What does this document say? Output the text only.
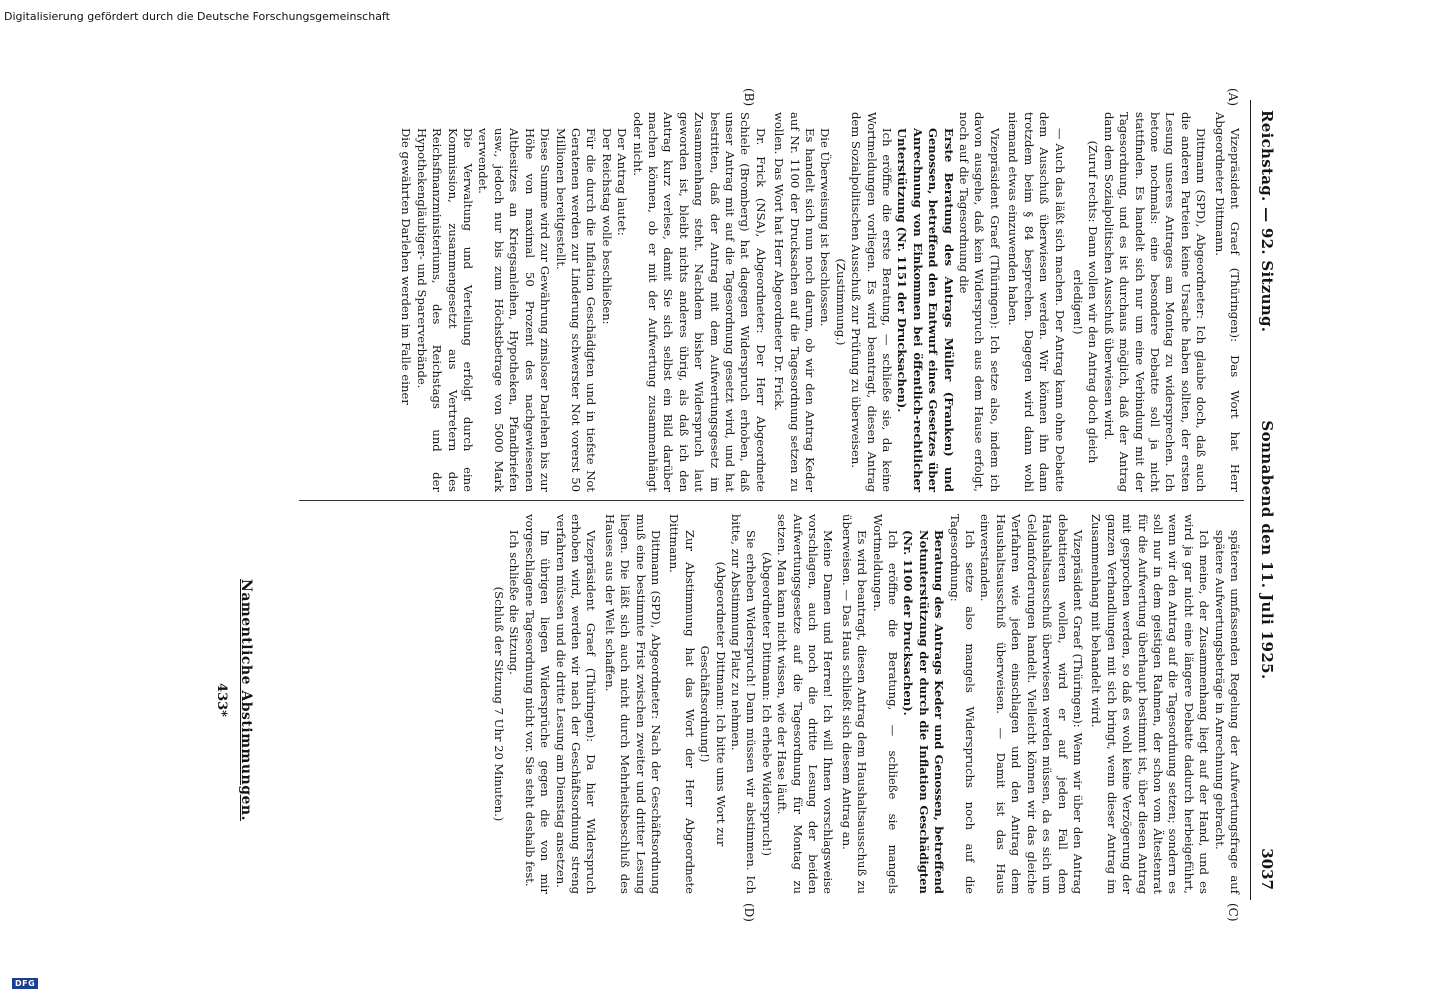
Reichstag. — 92. Sitzung.
Sonnabend den 11. Juli 1925.
3037
(A)
(B)
(C)
(D)

Vizepräsident Graef (Thüringen): Das Wort hat Herr Abgeordneter Dittmann.

Dittmann (SPD), Abgeordneter: Ich glaube doch, daß auch die anderen Parteien keine Ursache haben sollten, der ersten Lesung unseres Antrages am Montag zu widersprechen. Ich betone nochmals: eine besondere Debatte soll ja nicht stattfinden. Es handelt sich nur um eine Verbindung mit der Tagesordnung, und es ist durchaus möglich, daß der Antrag dann dem Sozialpolitischen Ausschuß überwiesen wird.

(Zuruf rechts: Dann wollen wir den Antrag doch gleich erledigen!)

— Auch das läßt sich machen. Der Antrag kann ohne Debatte dem Ausschuß überwiesen werden. Wir können ihn dann trotzdem beim § 84 besprechen. Dagegen wird dann wohl niemand etwas einzuwenden haben.

Vizepräsident Graef (Thüringen): Ich setze also, indem ich davon ausgehe, daß kein Widerspruch aus dem Hause erfolgt, noch auf die Tagesordnung die

Erste Beratung des Antrags Müller (Franken) und Genossen, betreffend den Entwurf eines Gesetzes über Anrechnung von Einkommen bei öffentlich-rechtlicher Unterstützung (Nr. 1151 der Drucksachen).

Ich eröffne die erste Beratung, — schließe sie, da keine Wortmeldungen vorliegen. Es wird beantragt, diesen Antrag dem Sozialpolitischen Ausschuß zur Prüfung zu überweisen.

(Zustimmung.)

Die Überweisung ist beschlossen.

Es handelt sich nun noch darum, ob wir den Antrag Keder auf Nr. 1100 der Drucksachen auf die Tagesordnung setzen zu wollen. Das Wort hat Herr Abgeordneter Dr. Frick.

Dr. Frick (NSA), Abgeordneter: Der Herr Abgeordnete Schiele (Bromberg) hat dagegen Widerspruch erhoben, daß unser Antrag mit auf die Tagesordnung gesetzt wird, und hat bestritten, daß der Antrag mit dem Aufwertungsgesetz im Zusammenhang steht. Nachdem bisher Widerspruch laut geworden ist, bleibt nichts anderes übrig, als daß ich den Antrag kurz verlese, damit Sie sich selbst ein Bild darüber machen können, ob er mit der Aufwertung zusammenhängt oder nicht.

Der Antrag lautet:

Der Reichstag wolle beschließen:

Für die durch die Inflation Geschädigten und in tiefste Not Geratenen werden zur Linderung schwerster Not vorerst 50 Millionen bereitgestellt.

Diese Summe wird zur Gewährung zinsloser Darlehen bis zur Höhe von maximal 50 Prozent des nachgewiesenen Altbesitzes an Kriegsanleihen, Hypotheken, Pfandbriefen usw., jedoch nur bis zum Höchstbetrage von 5000 Mark verwendet.

Die Verwaltung und Verteilung erfolgt durch eine Kommission, zusammengesetzt aus Vertretern des Reichsfinanzministeriums, des Reichstags und der Hypothekengläubiger- und Sparerverbände.

Die gewährten Darlehen werden im Falle einer

späteren umfassenden Regelung der Aufwertungsfrage auf spätere Aufwertungsbeträge in Anrechnung gebracht.

Ich meine, der Zusammenhang liegt auf der Hand, und es wird ja gar nicht eine längere Debatte dadurch herbeigeführt, wenn wir den Antrag auf die Tagesordnung setzen; sondern es soll nur in dem geistigen Rahmen, der schon vom Ältestenrat für die Aufwertung überhaupt bestimmt ist, über diesen Antrag mit gesprochen werden, so daß es wohl keine Verzögerung der ganzen Verhandlungen mit sich bringt, wenn dieser Antrag im Zusammenhang mit behandelt wird.

Vizepräsident Graef (Thüringen): Wenn wir über den Antrag debattieren wollen, wird er auf jeden Fall dem Haushaltsausschuß überwiesen werden müssen, da es sich um Geldanforderungen handelt. Vielleicht können wir das gleiche Verfahren wie jeden einschlagen und den Antrag dem Haushaltsausschuß überweisen. — Damit ist das Haus einverstanden.

Ich setze also mangels Widerspruchs noch auf die Tagesordnung:

Beratung des Antrags Keder und Genossen, betreffend Notunterstützung der durch die Inflation Geschädigten (Nr. 1100 der Drucksachen).

Ich eröffne die Beratung, — schließe sie mangels Wortmeldungen.

Es wird beantragt, diesen Antrag dem Haushaltsausschuß zu überweisen. — Das Haus schließt sich diesem Antrag an.

Meine Damen und Herren! Ich will Ihnen vorschlagsweise vorschlagen, auch noch die dritte Lesung der beiden Aufwertungsgesetze auf die Tagesordnung für Montag zu setzen. Man kann nicht wissen, wie der Hase läuft.

(Abgeordneter Dittmann: Ich erhebe Widerspruch!)

Sie erheben Widerspruch! Dann müssen wir abstimmen. Ich bitte, zur Abstimmung Platz zu nehmen.

(Abgeordneter Dittmann: Ich bitte ums Wort zur Geschäftsordnung!)

Zur Abstimmung hat das Wort der Herr Abgeordnete Dittmann.

Dittmann (SPD), Abgeordneter: Nach der Geschäftsordnung muß eine bestimmte Frist zwischen zweiter und dritter Lesung liegen. Die läßt sich auch nicht durch Mehrheitsbeschluß des Hauses aus der Welt schaffen.

Vizepräsident Graef (Thüringen): Da hier Widerspruch erhoben wird, werden wir nach der Geschäftsordnung streng verfahren müssen und die dritte Lesung am Dienstag ansetzen.

Im übrigen liegen Widersprüche gegen die von mir vorgeschlagene Tagesordnung nicht vor. Sie steht deshalb fest.

Ich schließe die Sitzung.

(Schluß der Sitzung 7 Uhr 20 Minuten.)

Namentliche Abstimmungen.
433*
Digitalisierung gefördert durch die Deutsche Forschungsgemeinschaft
DFG
